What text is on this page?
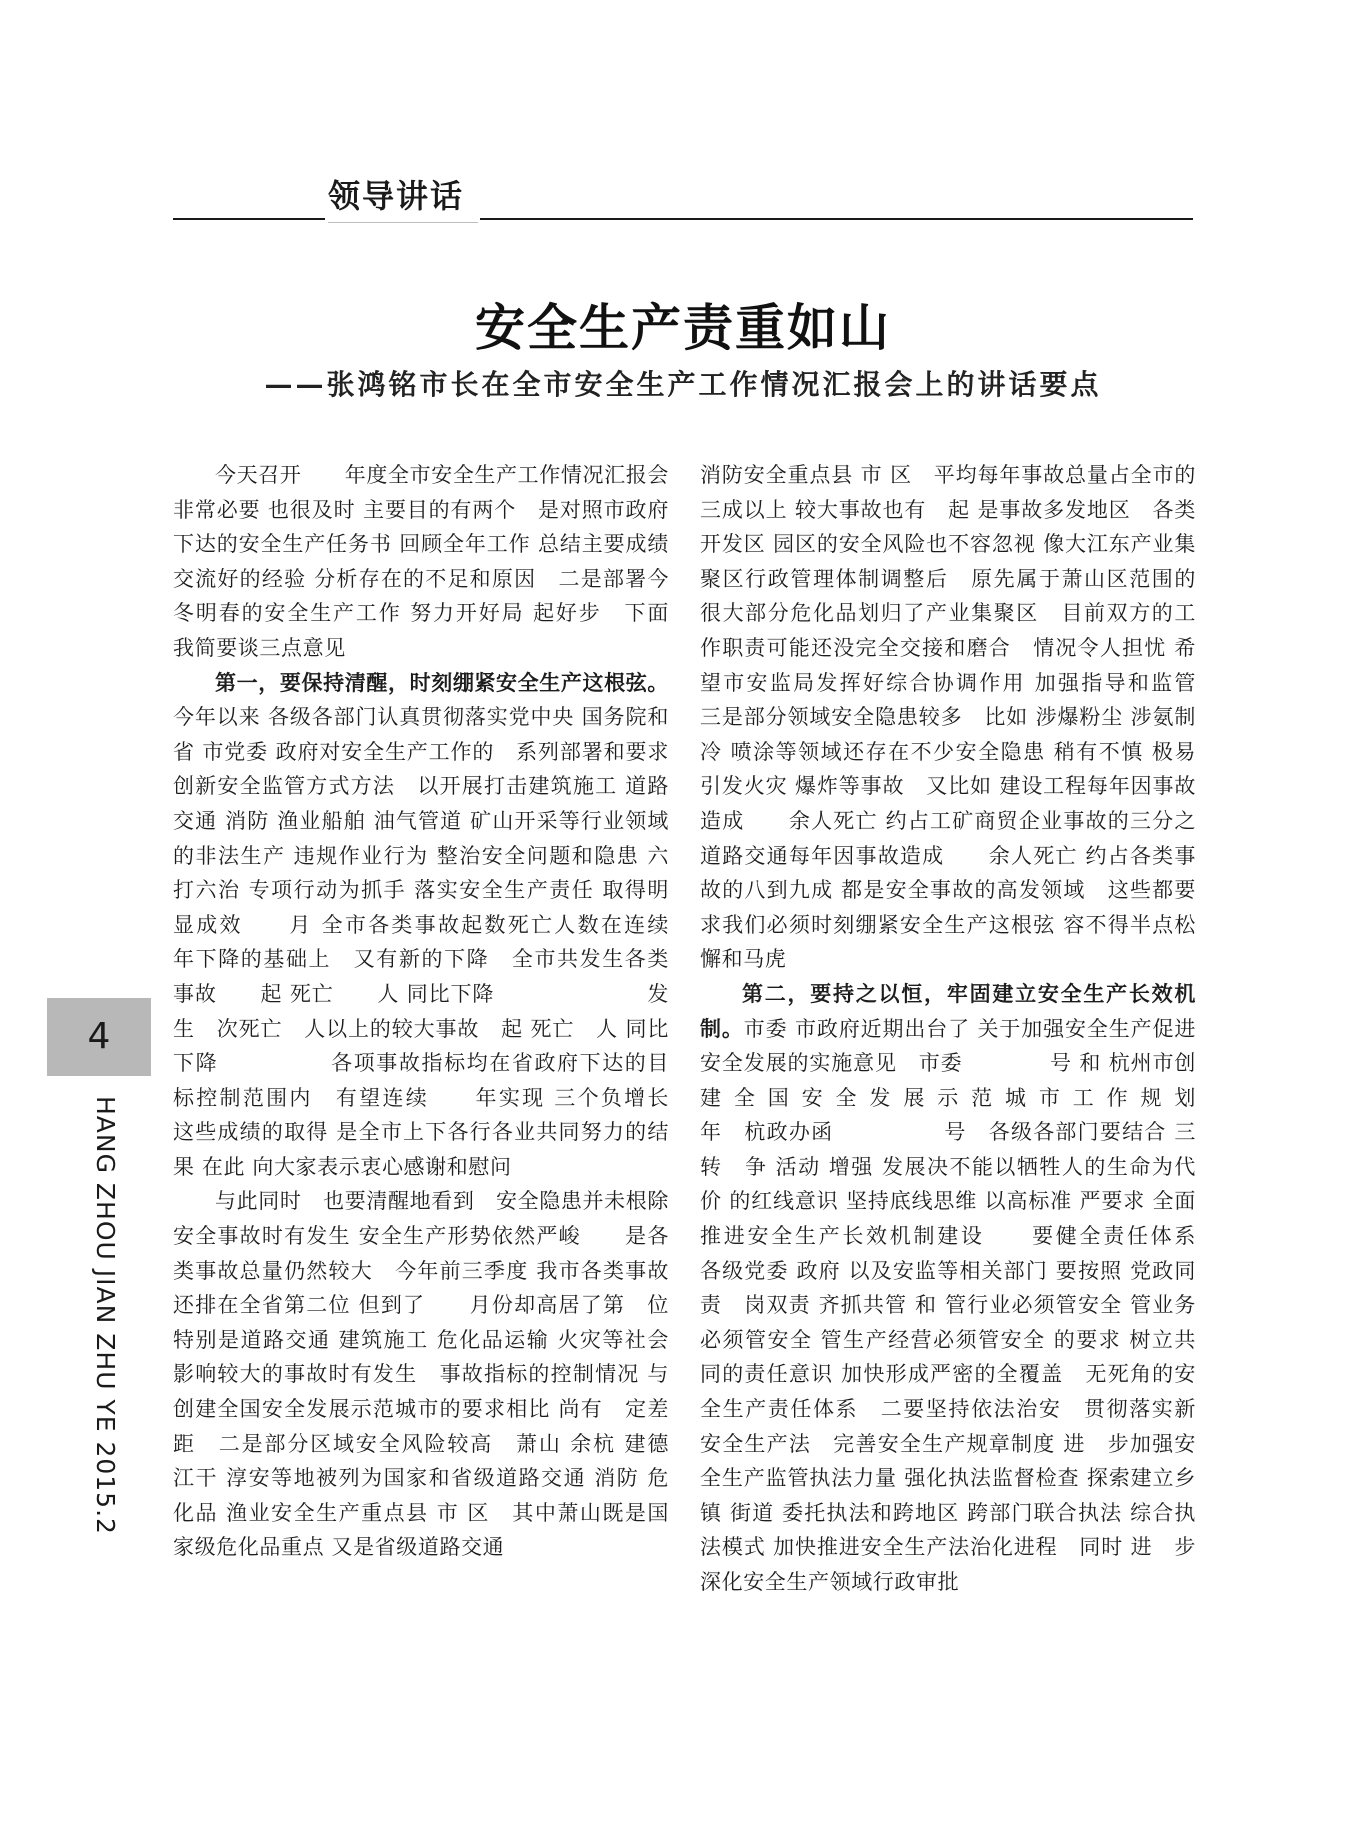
领导讲话
安全生产责重如山
——张鸿铭市长在全市安全生产工作情况汇报会上的讲话要点

今天召开　　年度全市安全生产工作情况汇报会 非常必要 也很及时 主要目的有两个　是对照市政府下达的安全生产任务书 回顾全年工作 总结主要成绩 交流好的经验 分析存在的不足和原因　二是部署今冬明春的安全生产工作 努力开好局 起好步　下面 我简要谈三点意见

第一，要保持清醒，时刻绷紧安全生产这根弦。今年以来 各级各部门认真贯彻落实党中央 国务院和省 市党委 政府对安全生产工作的　系列部署和要求　创新安全监管方式方法　以开展打击建筑施工 道路交通 消防 渔业船舶 油气管道 矿山开采等行业领域的非法生产 违规作业行为 整治安全问题和隐患 六打六治 专项行动为抓手 落实安全生产责任 取得明显成效　　月 全市各类事故起数死亡人数在连续　　年下降的基础上　又有新的下降　全市共发生各类事故　　起 死亡　　人 同比下降　　　　　　　发生　次死亡　人以上的较大事故　起 死亡　人 同比下降　　　　　各项事故指标均在省政府下达的目标控制范围内　有望连续　　年实现 三个负增长　这些成绩的取得 是全市上下各行各业共同努力的结果 在此 向大家表示衷心感谢和慰问

与此同时　也要清醒地看到　安全隐患并未根除 安全事故时有发生 安全生产形势依然严峻　　是各类事故总量仍然较大　今年前三季度 我市各类事故还排在全省第二位 但到了　　月份却高居了第　位　特别是道路交通 建筑施工 危化品运输 火灾等社会影响较大的事故时有发生　事故指标的控制情况 与创建全国安全发展示范城市的要求相比 尚有　定差距　二是部分区域安全风险较高　萧山 余杭 建德 江干 淳安等地被列为国家和省级道路交通 消防 危化品 渔业安全生产重点县 市 区　其中萧山既是国家级危化品重点 又是省级道路交通

消防安全重点县 市 区　平均每年事故总量占全市的三成以上 较大事故也有　起 是事故多发地区　各类开发区 园区的安全风险也不容忽视 像大江东产业集聚区行政管理体制调整后　原先属于萧山区范围的很大部分危化品划归了产业集聚区　目前双方的工作职责可能还没完全交接和磨合　情况令人担忧 希望市安监局发挥好综合协调作用 加强指导和监管　三是部分领域安全隐患较多　比如 涉爆粉尘 涉氨制冷 喷涂等领域还存在不少安全隐患 稍有不慎 极易引发火灾 爆炸等事故　又比如 建设工程每年因事故造成　　余人死亡 约占工矿商贸企业事故的三分之　　道路交通每年因事故造成　　余人死亡 约占各类事故的八到九成 都是安全事故的高发领域　这些都要求我们必须时刻绷紧安全生产这根弦 容不得半点松懈和马虎

第二，要持之以恒，牢固建立安全生产长效机制。市委 市政府近期出台了 关于加强安全生产促进安全发展的实施意见　市委　　　　号 和 杭州市创建全国安全发展示范城市工作规划　　　　　　　年　杭政办函　　　　　号　各级各部门要结合 三转　争 活动 增强 发展决不能以牺牲人的生命为代价 的红线意识 坚持底线思维 以高标准 严要求 全面推进安全生产长效机制建设　　要健全责任体系　各级党委 政府 以及安监等相关部门 要按照 党政同责　岗双责 齐抓共管 和 管行业必须管安全 管业务必须管安全 管生产经营必须管安全 的要求 树立共同的责任意识 加快形成严密的全覆盖　无死角的安全生产责任体系　二要坚持依法治安　贯彻落实新 安全生产法　完善安全生产规章制度 进　步加强安全生产监管执法力量 强化执法监督检查 探索建立乡镇 街道 委托执法和跨地区 跨部门联合执法 综合执法模式 加快推进安全生产法治化进程　同时 进　步深化安全生产领域行政审批

4
HANG ZHOU JIAN ZHU YE 2015.2
